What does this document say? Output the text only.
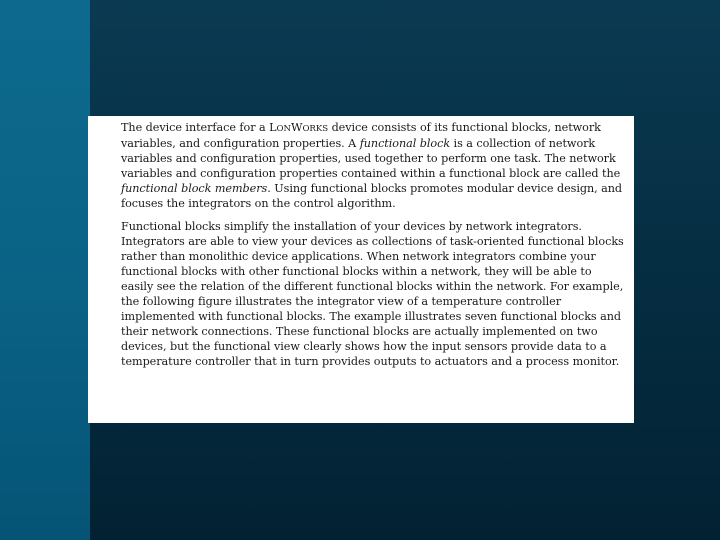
The device interface for a LONWORKS device consists of its functional blocks, network variables, and configuration properties. A functional block is a collection of network variables and configuration properties, used together to perform one task. The network variables and configuration properties contained within a functional block are called the functional block members. Using functional blocks promotes modular device design, and focuses the integrators on the control algorithm.

Functional blocks simplify the installation of your devices by network integrators. Integrators are able to view your devices as collections of task-oriented functional blocks rather than monolithic device applications. When network integrators combine your functional blocks with other functional blocks within a network, they will be able to easily see the relation of the different functional blocks within the network. For example, the following figure illustrates the integrator view of a temperature controller implemented with functional blocks. The example illustrates seven functional blocks and their network connections. These functional blocks are actually implemented on two devices, but the functional view clearly shows how the input sensors provide data to a temperature controller that in turn provides outputs to actuators and a process monitor.
